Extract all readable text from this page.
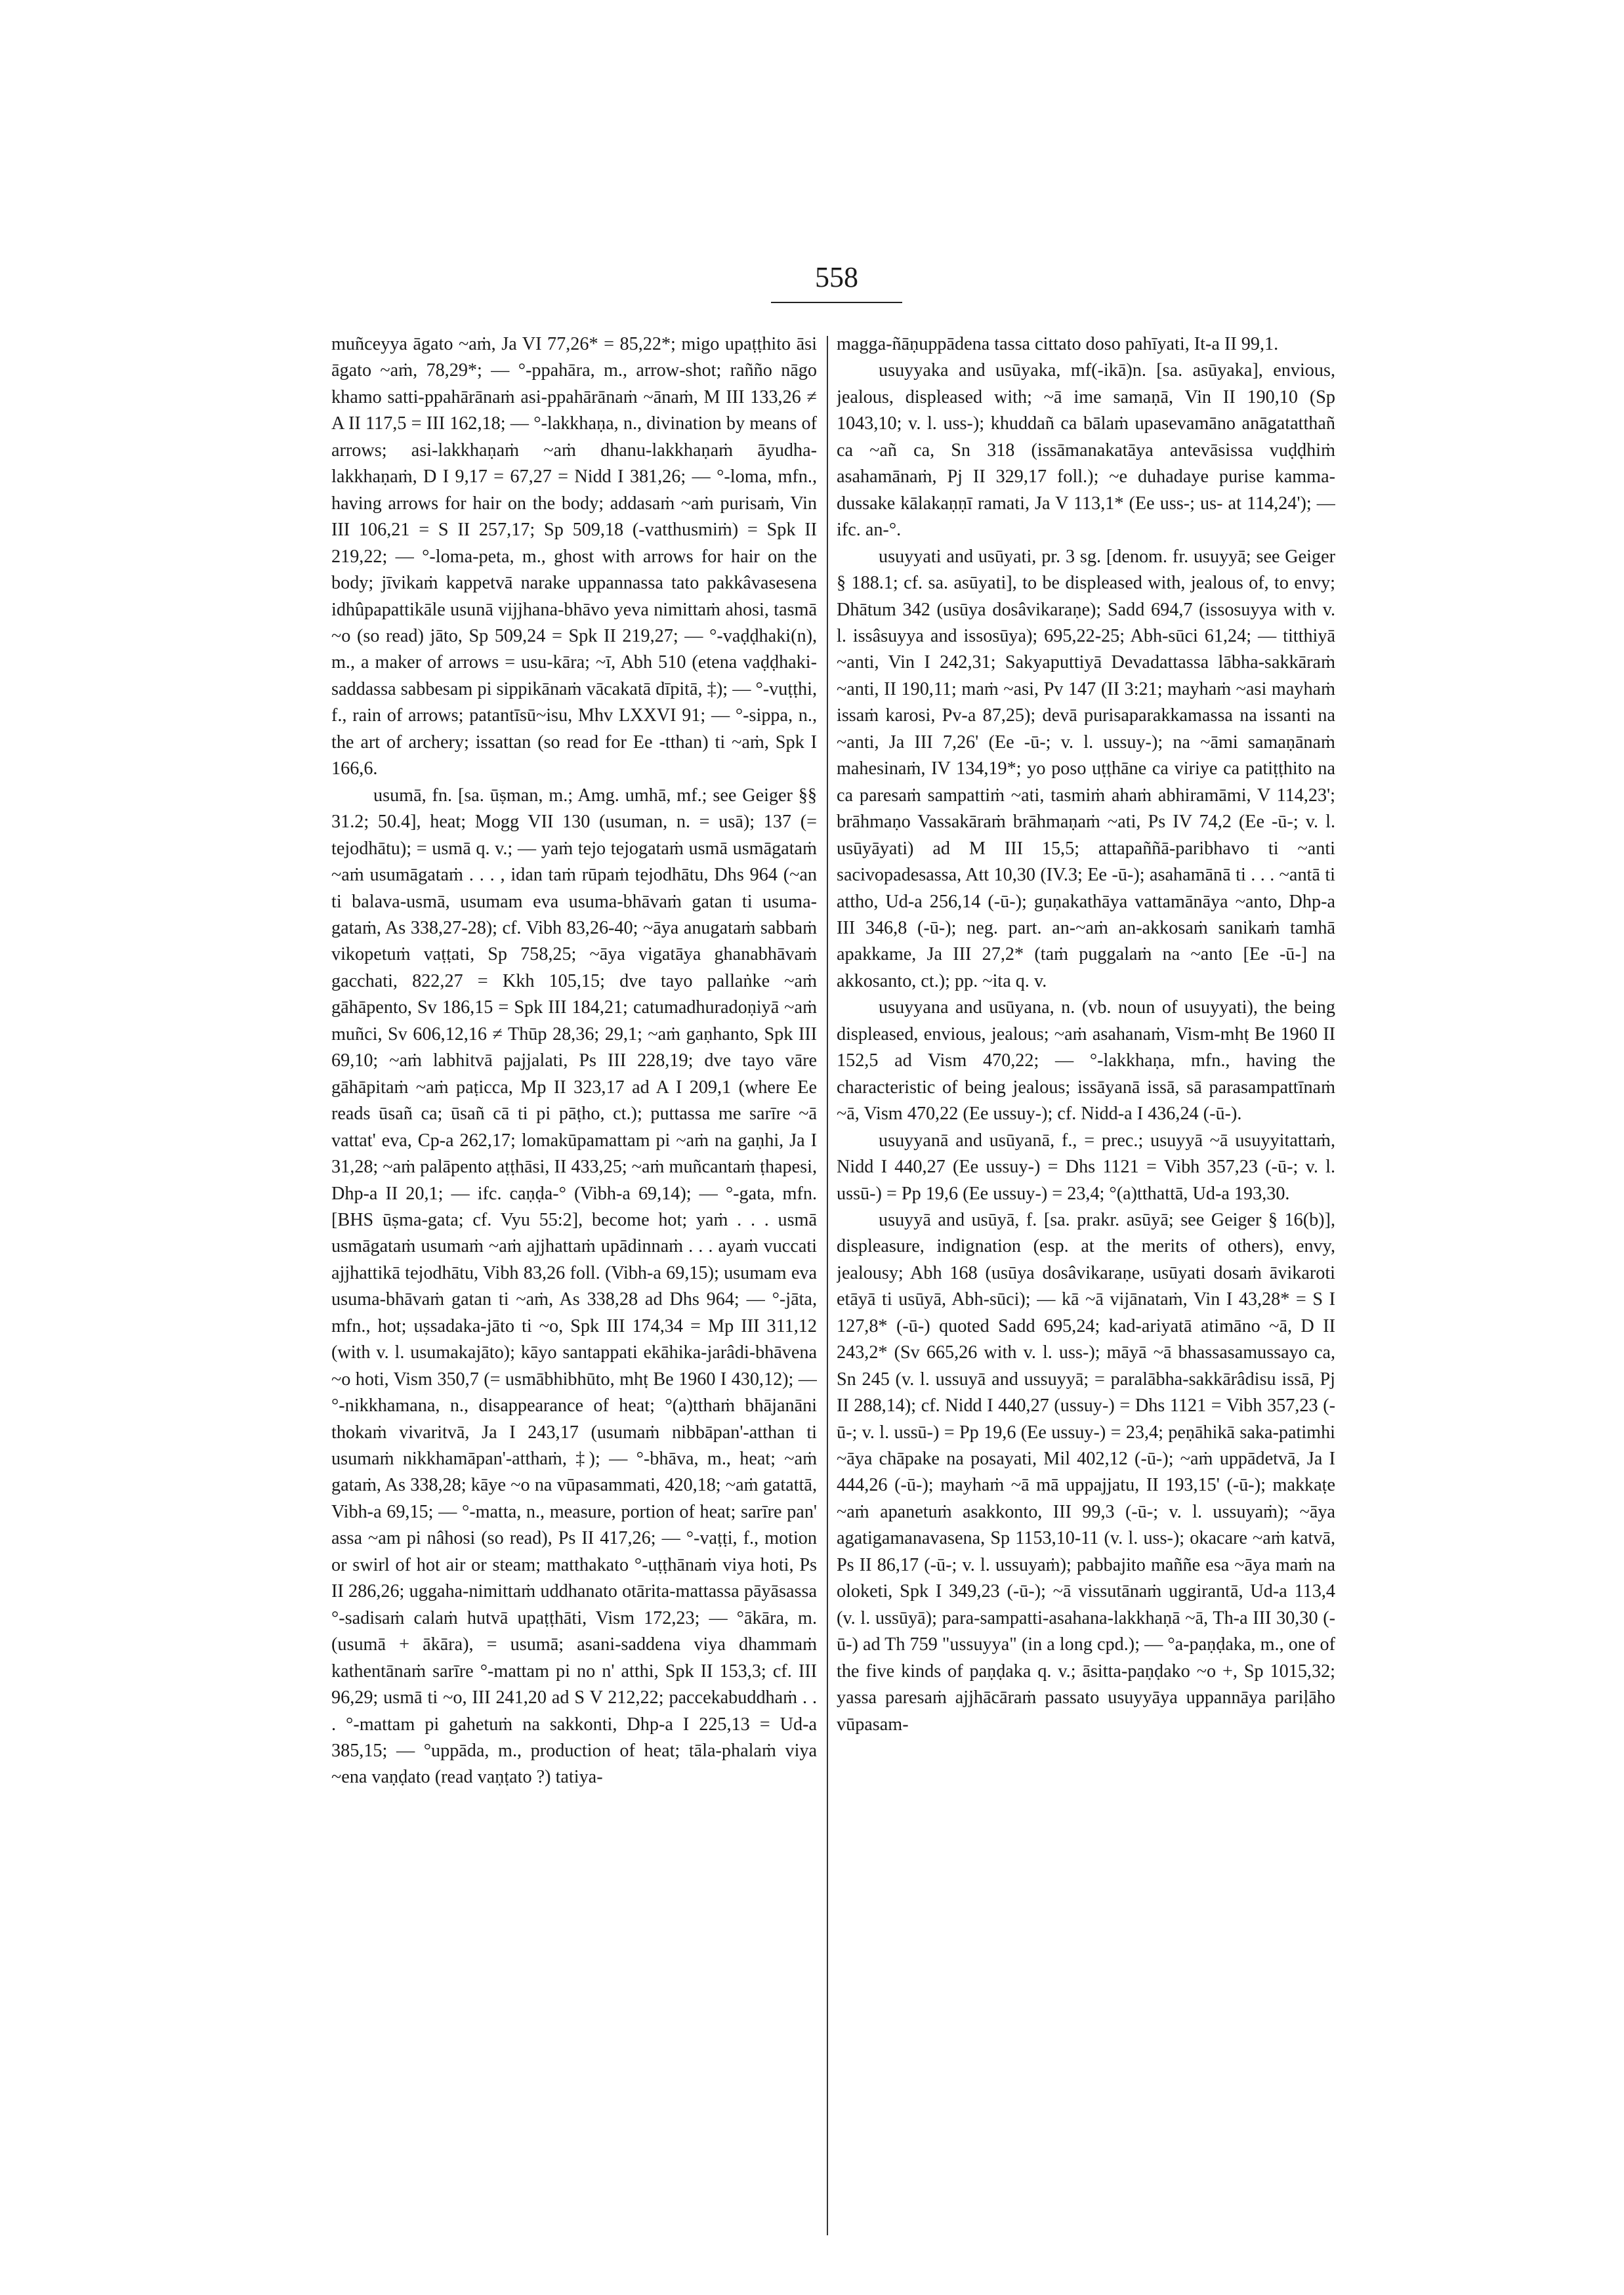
558

muñceyya āgato ~aṁ, Ja VI 77,26* = 85,22*; migo upaṭṭhito āsi āgato ~aṁ, 78,29*; — °-ppahāra, m., arrow-shot; rañño nāgo khamo satti-ppahārānaṁ asi-ppahārānaṁ ~ānaṁ, M III 133,26 ≠ A II 117,5 = III 162,18; — °-lakkhaṇa, n., divination by means of arrows; asi-lakkhaṇaṁ ~aṁ dhanu-lakkhaṇaṁ āyudha-lakkhaṇaṁ, D I 9,17 = 67,27 = Nidd I 381,26; — °-loma, mfn., having arrows for hair on the body; addasaṁ ~aṁ purisaṁ, Vin III 106,21 = S II 257,17; Sp 509,18 (-vatthusmiṁ) = Spk II 219,22; — °-loma-peta, m., ghost with arrows for hair on the body; jīvikaṁ kappetvā narake uppannassa tato pakkâvasesena idhûpapattikāle usunā vijjhana-bhāvo yeva nimittaṁ ahosi, tasmā ~o (so read) jāto, Sp 509,24 = Spk II 219,27; — °-vaḍḍhaki(n), m., a maker of arrows = usu-kāra; ~ī, Abh 510 (etena vaḍḍhaki-saddassa sabbesam pi sippikānaṁ vācakatā dīpitā, ‡); — °-vuṭṭhi, f., rain of arrows; patantīsū~isu, Mhv LXXVI 91; — °-sippa, n., the art of archery; issattan (so read for Ee -tthan) ti ~aṁ, Spk I 166,6.

usumā, fn. [sa. ūṣman, m.; Amg. umhā, mf.; see Geiger §§ 31.2; 50.4], heat; Mogg VII 130 (usuman, n. = usā); 137 (= tejodhātu); = usmā q. v.; — yaṁ tejo tejogataṁ usmā usmāgataṁ ~aṁ usumāgataṁ . . . , idan taṁ rūpaṁ tejodhātu, Dhs 964 (~an ti balava-usmā, usumam eva usuma-bhāvaṁ gatan ti usuma-gataṁ, As 338,27-28); cf. Vibh 83,26-40; ~āya anugataṁ sabbaṁ vikopetuṁ vaṭṭati, Sp 758,25; ~āya vigatāya ghanabhāvaṁ gacchati, 822,27 = Kkh 105,15; dve tayo pallaṅke ~aṁ gāhāpento, Sv 186,15 = Spk III 184,21; catumadhuradoṇiyā ~aṁ muñci, Sv 606,12,16 ≠ Thūp 28,36; 29,1; ~aṁ gaṇhanto, Spk III 69,10; ~aṁ labhitvā pajjalati, Ps III 228,19; dve tayo vāre gāhāpitaṁ ~aṁ paṭicca, Mp II 323,17 ad A I 209,1 (where Ee reads ūsañ ca; ūsañ cā ti pi pāṭho, ct.); puttassa me sarīre ~ā vattat' eva, Cp-a 262,17; lomakūpamattam pi ~aṁ na gaṇhi, Ja I 31,28; ~aṁ palāpento aṭṭhāsi, II 433,25; ~aṁ muñcantaṁ ṭhapesi, Dhp-a II 20,1; — ifc. caṇḍa-° (Vibh-a 69,14); — °-gata, mfn. [BHS ūṣma-gata; cf. Vyu 55:2], become hot; yaṁ . . . usmā usmāgataṁ usumaṁ ~aṁ ajjhattaṁ upādinnaṁ . . . ayaṁ vuccati ajjhattikā tejodhātu, Vibh 83,26 foll. (Vibh-a 69,15); usumam eva usuma-bhāvaṁ gatan ti ~aṁ, As 338,28 ad Dhs 964; — °-jāta, mfn., hot; uṣsadaka-jāto ti ~o, Spk III 174,34 = Mp III 311,12 (with v. l. usumakajāto); kāyo santappati ekāhika-jarâdi-bhāvena ~o hoti, Vism 350,7 (= usmābhibhūto, mhṭ Be 1960 I 430,12); — °-nikkhamana, n., disappearance of heat; °(a)tthaṁ bhājanāni thokaṁ vivaritvā, Ja I 243,17 (usumaṁ nibbāpan'-atthan ti usumaṁ nikkhamāpan'-atthaṁ, ‡); — °-bhāva, m., heat; ~aṁ gataṁ, As 338,28; kāye ~o na vūpasammati, 420,18; ~aṁ gatattā, Vibh-a 69,15; — °-matta, n., measure, portion of heat; sarīre pan' assa ~am pi nâhosi (so read), Ps II 417,26; — °-vaṭṭi, f., motion or swirl of hot air or steam; matthakato °-uṭṭhānaṁ viya hoti, Ps II 286,26; uggaha-nimittaṁ uddhanato otārita-mattassa pāyāsassa °-sadisaṁ calaṁ hutvā upaṭṭhāti, Vism 172,23; — °ākāra, m. (usumā + ākāra), = usumā; asani-saddena viya dhammaṁ kathentānaṁ sarīre °-mattam pi no n' atthi, Spk II 153,3; cf. III 96,29; usmā ti ~o, III 241,20 ad S V 212,22; paccekabuddhaṁ . . . °-mattam pi gahetuṁ na sakkonti, Dhp-a I 225,13 = Ud-a 385,15; — °uppāda, m., production of heat; tāla-phalaṁ viya ~ena vaṇḍato (read vaṇṭato ?) tatiya-

magga-ñāṇuppādena tassa cittato doso pahīyati, It-a II 99,1.

usuyyaka and usūyaka, mf(-ikā)n. [sa. asūyaka], envious, jealous, displeased with; ~ā ime samaṇā, Vin II 190,10 (Sp 1043,10; v. l. uss-); khuddañ ca bālaṁ upasevamāno anāgatatthañ ca ~añ ca, Sn 318 (issāmanakatāya antevāsissa vuḍḍhiṁ asahamānaṁ, Pj II 329,17 foll.); ~e duhadaye purise kamma-dussake kālakaṇṇī ramati, Ja V 113,1* (Ee uss-; us- at 114,24'); — ifc. an-°.

usuyyati and usūyati, pr. 3 sg. [denom. fr. usuyyā; see Geiger § 188.1; cf. sa. asūyati], to be displeased with, jealous of, to envy; Dhātum 342 (usūya dosâvikaraṇe); Sadd 694,7 (issosuyya with v. l. issâsuyya and issosūya); 695,22-25; Abh-sūci 61,24; — titthiyā ~anti, Vin I 242,31; Sakyaputtiyā Devadattassa lābha-sakkāraṁ ~anti, II 190,11; maṁ ~asi, Pv 147 (II 3:21; mayhaṁ ~asi mayhaṁ issaṁ karosi, Pv-a 87,25); devā purisaparakkamassa na issanti na ~anti, Ja III 7,26' (Ee -ū-; v. l. ussuy-); na ~āmi samaṇānaṁ mahesinaṁ, IV 134,19*; yo poso uṭṭhāne ca viriye ca patiṭṭhito na ca paresaṁ sampattiṁ ~ati, tasmiṁ ahaṁ abhiramāmi, V 114,23'; brāhmaṇo Vassakāraṁ brāhmaṇaṁ ~ati, Ps IV 74,2 (Ee -ū-; v. l. usūyāyati) ad M III 15,5; attapaññā-paribhavo ti ~anti sacivopadesassa, Att 10,30 (IV.3; Ee -ū-); asahamānā ti . . . ~antā ti attho, Ud-a 256,14 (-ū-); guṇakathāya vattamānāya ~anto, Dhp-a III 346,8 (-ū-); neg. part. an-~aṁ an-akkosaṁ sanikaṁ tamhā apakkame, Ja III 27,2* (taṁ puggalaṁ na ~anto [Ee -ū-] na akkosanto, ct.); pp. ~ita q. v.

usuyyana and usūyana, n. (vb. noun of usuyyati), the being displeased, envious, jealous; ~aṁ asahanaṁ, Vism-mhṭ Be 1960 II 152,5 ad Vism 470,22; — °-lakkhaṇa, mfn., having the characteristic of being jealous; issāyanā issā, sā parasampattīnaṁ ~ā, Vism 470,22 (Ee ussuy-); cf. Nidd-a I 436,24 (-ū-).

usuyyanā and usūyanā, f., = prec.; usuyyā ~ā usuyyitattaṁ, Nidd I 440,27 (Ee ussuy-) = Dhs 1121 = Vibh 357,23 (-ū-; v. l. ussū-) = Pp 19,6 (Ee ussuy-) = 23,4; °(a)tthattā, Ud-a 193,30.

usuyyā and usūyā, f. [sa. prakr. asūyā; see Geiger § 16(b)], displeasure, indignation (esp. at the merits of others), envy, jealousy; Abh 168 (usūya dosâvikaraṇe, usūyati dosaṁ āvikaroti etāyā ti usūyā, Abh-sūci); — kā ~ā vijānataṁ, Vin I 43,28* = S I 127,8* (-ū-) quoted Sadd 695,24; kad-ariyatā atimāno ~ā, D II 243,2* (Sv 665,26 with v. l. uss-); māyā ~ā bhassasamussayo ca, Sn 245 (v. l. ussuyā and ussuyyā; = paralābha-sakkārâdisu issā, Pj II 288,14); cf. Nidd I 440,27 (ussuy-) = Dhs 1121 = Vibh 357,23 (-ū-; v. l. ussū-) = Pp 19,6 (Ee ussuy-) = 23,4; peṇāhikā saka-patimhi ~āya chāpake na posayati, Mil 402,12 (-ū-); ~aṁ uppādetvā, Ja I 444,26 (-ū-); mayhaṁ ~ā mā uppajjatu, II 193,15' (-ū-); makkaṭe ~aṁ apanetuṁ asakkonto, III 99,3 (-ū-; v. l. ussuyaṁ); ~āya agatigamanavasena, Sp 1153,10-11 (v. l. uss-); okacare ~aṁ katvā, Ps II 86,17 (-ū-; v. l. ussuyaṁ); pabbajito maññe esa ~āya maṁ na oloketi, Spk I 349,23 (-ū-); ~ā vissutānaṁ uggirantā, Ud-a 113,4 (v. l. ussūyā); para-sampatti-asahana-lakkhaṇā ~ā, Th-a III 30,30 (-ū-) ad Th 759 "ussuyya" (in a long cpd.); — °a-paṇḍaka, m., one of the five kinds of paṇḍaka q. v.; āsitta-paṇḍako ~o +, Sp 1015,32; yassa paresaṁ ajjhācāraṁ passato usuyyāya uppannāya pariḷāho vūpasam-
